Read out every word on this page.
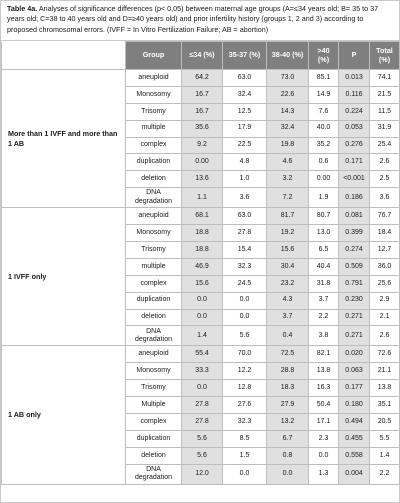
Table 4a. Analyses of significance differences (p< 0,05) between maternal age groups (A=≤34 years old; B= 35 to 37 years old; C=38 to 40 years old and D=≥40 years old) and prior infertility history (groups 1, 2 and 3) according to proposed chromosomal errors. (IVFF = In Vitro Fertilization Failure; AB = abortion)
	Group	≤34 (%)	35-37 (%)	38-40 (%)	>40 (%)	P	Total (%)
More than 1 IVFF and more than 1 AB	aneuploid	64.2	63.0	73.0	85.1	0.013	74.1
	Monosomy	16.7	32.4	22.6	14.9	0.116	21.5
	Trisomy	16.7	12.5	14.3	7.6	0.224	11.5
	multiple	35.6	17.9	32.4	40.0	0.053	31.9
	complex	9.2	22.5	19.8	35.2	0.276	25.4
	duplication	0.00	4.8	4.6	0.6	0.171	2.6
	deletion	13.6	1.0	3.2	0.00	<0.001	2.5
	DNA degradation	1.1	3.6	7.2	1.9	0.186	3.6
1 IVFF only	aneuploid	68.1	63.0	81.7	80.7	0.081	76.7
	Monosomy	18.8	27.8	19.2	13.0	0.399	18.4
	Trisomy	18.8	15.4	15.6	6.5	0.274	12.7
	multiple	46.9	32.3	30.4	40.4	0.509	36.0
	complex	15.6	24.5	23.2	31.8	0.791	25.6
	duplication	0.0	0.0	4.3	3.7	0.230	2.9
	deletion	0.0	0.0	3.7	2.2	0.271	2.1
	DNA degradation	1.4	5.6	0.4	3.8	0.271	2.6
1 AB only	aneuploid	55.4	70.0	72.5	82.1	0.020	72.6
	Monosomy	33.3	12.2	28.8	13.8	0.063	21.1
	Trisomy	0.0	12.8	18.3	16.3	0.177	13.8
	Multiple	27.8	27.6	27.9	50.4	0.180	35.1
	complex	27.8	32.3	13.2	17.1	0.494	20.5
	duplication	5.6	8.5	6.7	2.3	0.455	5.5
	deletion	5.6	1.5	0.8	0.0	0.558	1.4
	DNA degradation	12.0	0.0	0.0	1.3	0.004	2.2
